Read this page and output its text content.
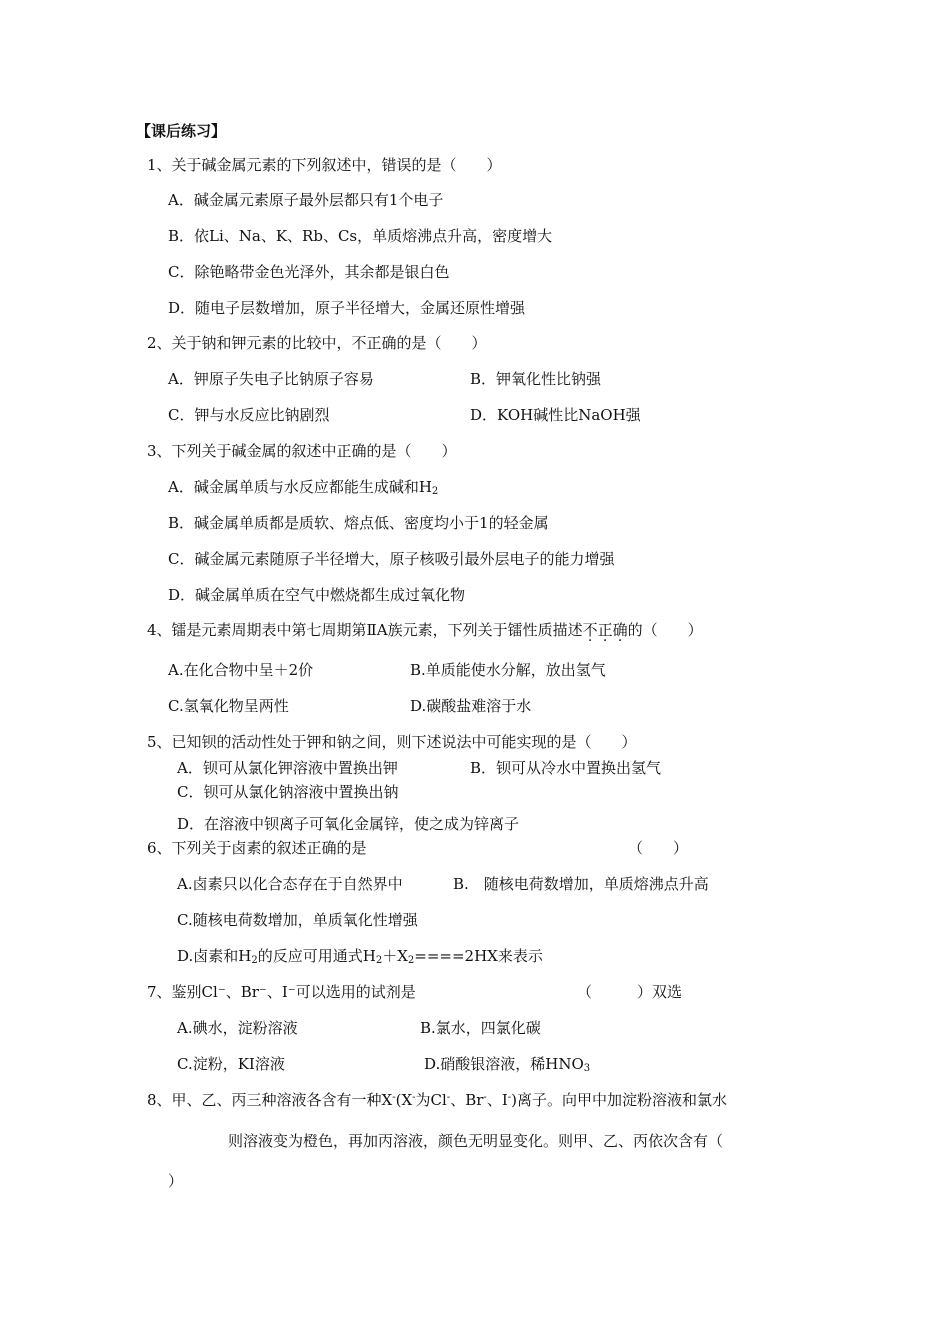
【课后练习】
1、关于碱金属元素的下列叙述中，错误的是（　　）
A．碱金属元素原子最外层都只有1个电子
B．依Li、Na、K、Rb、Cs，单质熔沸点升高，密度增大
C．除铯略带金色光泽外，其余都是银白色
D．随电子层数增加，原子半径增大，金属还原性增强
2、关于钠和钾元素的比较中，不正确的是（　　）
A．钾原子失电子比钠原子容易	B．钾氧化性比钠强
C．钾与水反应比钠剧烈	D．KOH碱性比NaOH强
3、下列关于碱金属的叙述中正确的是（　　）
A．碱金属单质与水反应都能生成碱和$H_2$
B．碱金属单质都是质软、熔点低、密度均小于1的轻金属
C．碱金属元素随原子半径增大，原子核吸引最外层电子的能力增强
D．碱金属单质在空气中燃烧都生成过氧化物
4、镭是元素周期表中第七周期第ⅡA族元素，下列关于镭性质描述不正确的（　　）
A.在化合物中呈＋2价	B.单质能使水分解，放出氢气
C.氢氧化物呈两性	D.碳酸盐难溶于水
5、已知钡的活动性处于钾和钠之间，则下述说法中可能实现的是（　　）
A．钡可从氯化钾溶液中置换出钾	B．钡可从冷水中置换出氢气
C．钡可从氯化钠溶液中置换出钠
D．在溶液中钡离子可氧化金属锌，使之成为锌离子
6、下列关于卤素的叙述正确的是	（　　）
A.卤素只以化合态存在于自然界中	B.　随核电荷数增加，单质熔沸点升高
C.随核电荷数增加，单质氧化性增强
D.卤素和$H_2$的反应可用通式$H_2+X_2====2HX$来表示
7、鉴别Cl⁻、Br⁻、I⁻可以选用的试剂是	（　　　）双选
A.碘水，淀粉溶液	B.氯水，四氯化碳
C.淀粉，KI溶液	D.硝酸银溶液，稀$HNO_3$
8、甲、乙、丙三种溶液各含有一种X-(X-为Cl-、Br-、I-)离子。向甲中加淀粉溶液和氯水
则溶液变为橙色，再加丙溶液，颜色无明显变化。则甲、乙、丙依次含有（
）
